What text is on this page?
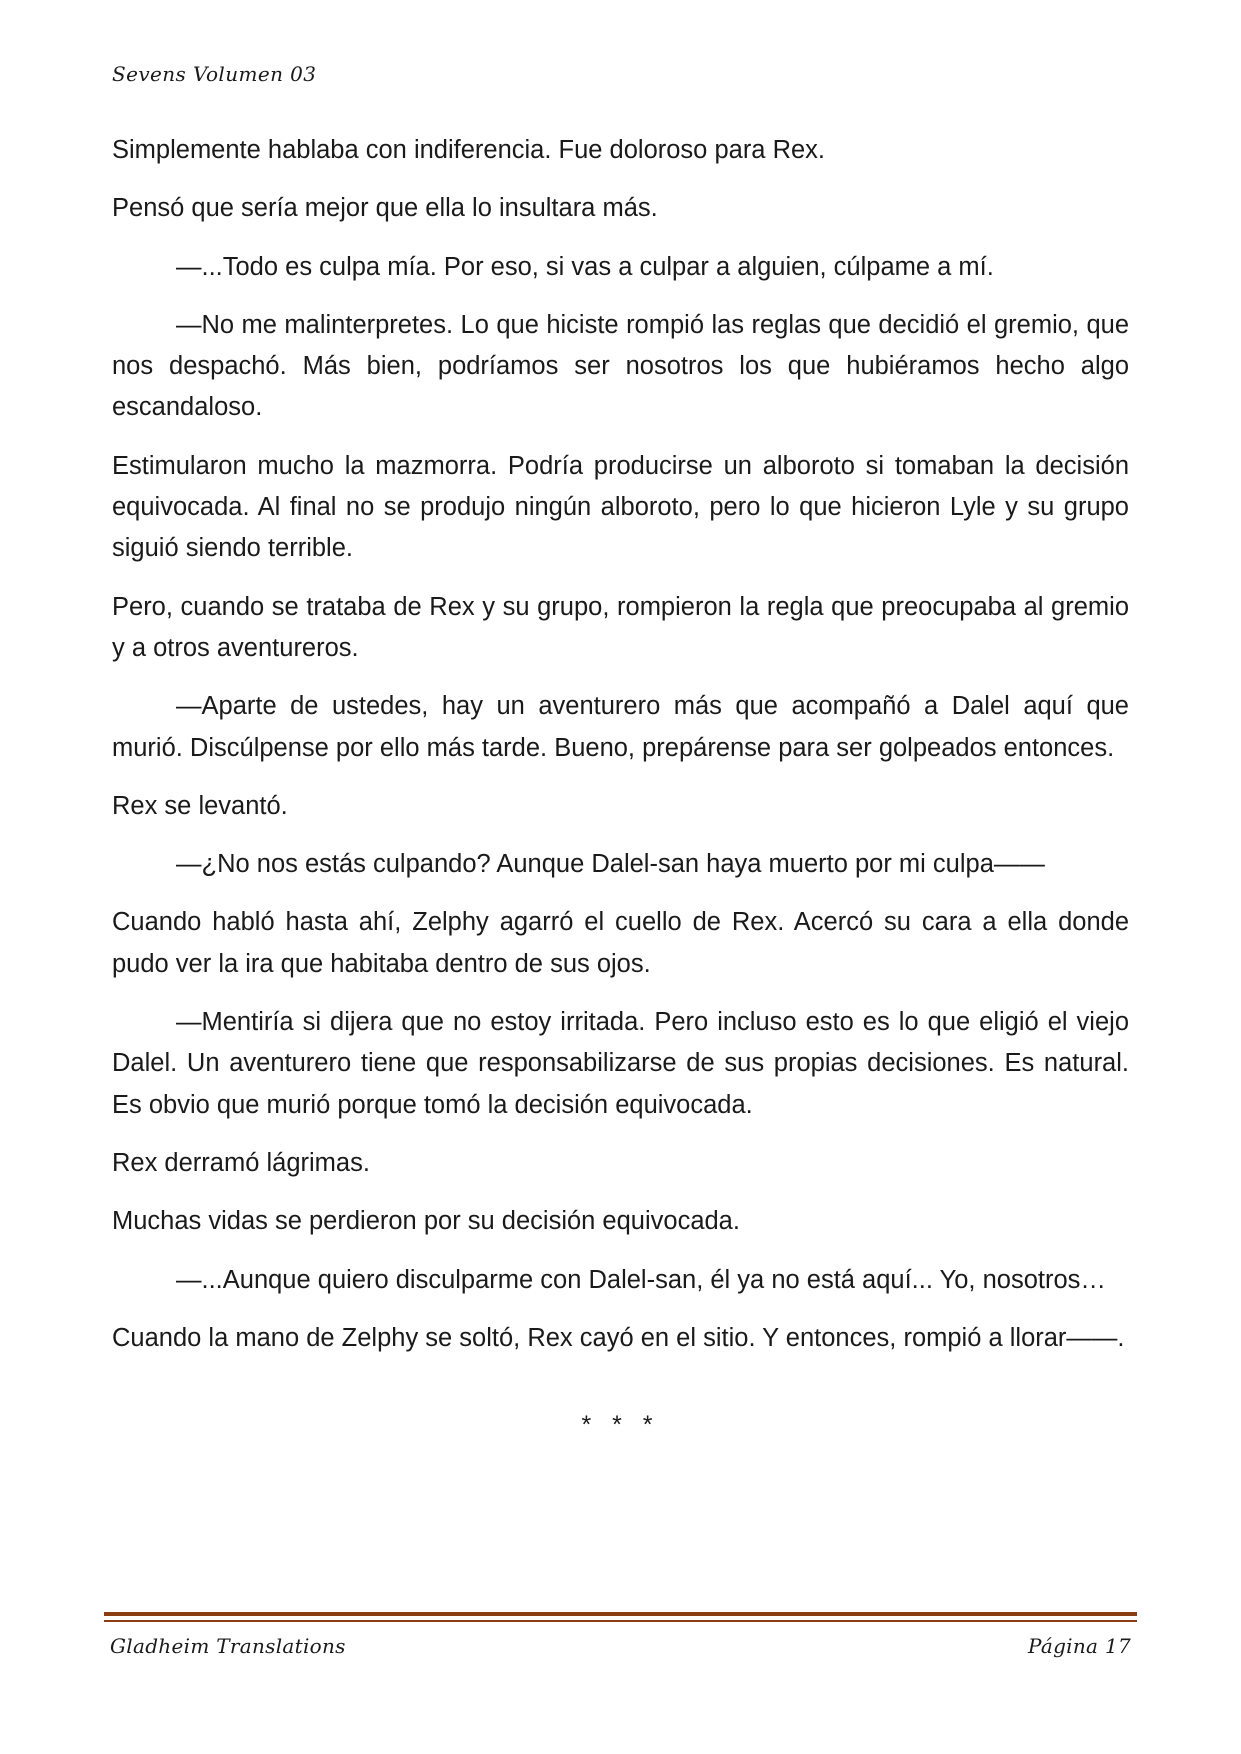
Sevens Volumen 03

Simplemente hablaba con indiferencia. Fue doloroso para Rex.

Pensó que sería mejor que ella lo insultara más.

—...Todo es culpa mía. Por eso, si vas a culpar a alguien, cúlpame a mí.

—No me malinterpretes. Lo que hiciste rompió las reglas que decidió el gremio, que nos despachó. Más bien, podríamos ser nosotros los que hubiéramos hecho algo escandaloso.

Estimularon mucho la mazmorra. Podría producirse un alboroto si tomaban la decisión equivocada. Al final no se produjo ningún alboroto, pero lo que hicieron Lyle y su grupo siguió siendo terrible.

Pero, cuando se trataba de Rex y su grupo, rompieron la regla que preocupaba al gremio y a otros aventureros.

—Aparte de ustedes, hay un aventurero más que acompañó a Dalel aquí que murió. Discúlpense por ello más tarde. Bueno, prepárense para ser golpeados entonces.

Rex se levantó.

—¿No nos estás culpando? Aunque Dalel-san haya muerto por mi culpa——

Cuando habló hasta ahí, Zelphy agarró el cuello de Rex. Acercó su cara a ella donde pudo ver la ira que habitaba dentro de sus ojos.

—Mentiría si dijera que no estoy irritada. Pero incluso esto es lo que eligió el viejo Dalel. Un aventurero tiene que responsabilizarse de sus propias decisiones. Es natural. Es obvio que murió porque tomó la decisión equivocada.

Rex derramó lágrimas.

Muchas vidas se perdieron por su decisión equivocada.

—...Aunque quiero disculparme con Dalel-san, él ya no está aquí... Yo, nosotros…

Cuando la mano de Zelphy se soltó, Rex cayó en el sitio. Y entonces, rompió a llorar——.

* * *
Gladheim Translations	Página 17
